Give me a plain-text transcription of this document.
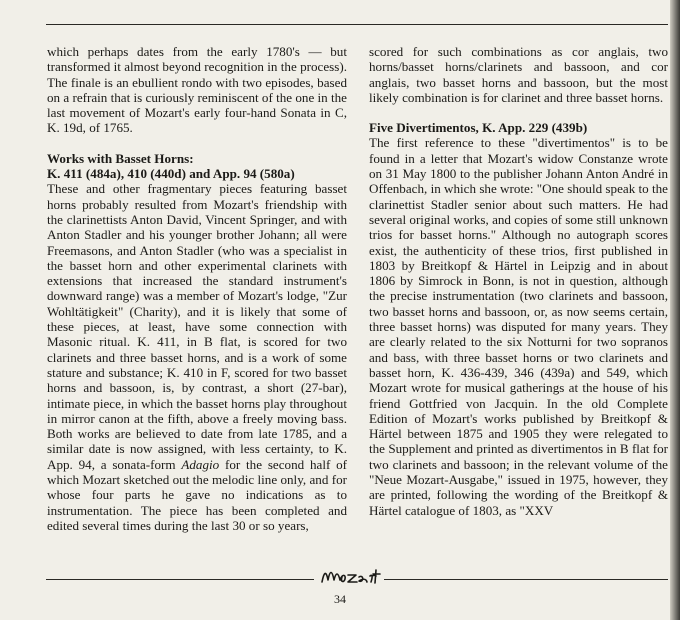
which perhaps dates from the early 1780's — but transformed it almost beyond recognition in the process). The finale is an ebullient rondo with two episodes, based on a refrain that is curiously reminiscent of the one in the last movement of Mozart's early four-hand Sonata in C, K. 19d, of 1765.

Works with Basset Horns:
K. 411 (484a), 410 (440d) and App. 94 (580a)

These and other fragmentary pieces featuring basset horns probably resulted from Mozart's friendship with the clarinettists Anton David, Vincent Springer, and with Anton Stadler and his younger brother Johann; all were Freemasons, and Anton Stadler (who was a specialist in the basset horn and other experimental clarinets with extensions that increased the standard instrument's downward range) was a member of Mozart's lodge, "Zur Wohltätigkeit" (Charity), and it is likely that some of these pieces, at least, have some connection with Masonic ritual. K. 411, in B flat, is scored for two clarinets and three basset horns, and is a work of some stature and substance; K. 410 in F, scored for two basset horns and bassoon, is, by contrast, a short (27-bar), intimate piece, in which the basset horns play throughout in mirror canon at the fifth, above a freely moving bass. Both works are believed to date from late 1785, and a similar date is now assigned, with less certainty, to K. App. 94, a sonata-form Adagio for the second half of which Mozart sketched out the melodic line only, and for whose four parts he gave no indications as to instrumentation. The piece has been completed and edited several times during the last 30 or so years,

scored for such combinations as cor anglais, two horns/basset horns/clarinets and bassoon, and cor anglais, two basset horns and bassoon, but the most likely combination is for clarinet and three basset horns.

Five Divertimentos, K. App. 229 (439b)

The first reference to these "divertimentos" is to be found in a letter that Mozart's widow Constanze wrote on 31 May 1800 to the publisher Johann Anton André in Offenbach, in which she wrote: "One should speak to the clarinettist Stadler senior about such matters. He had several original works, and copies of some still unknown trios for basset horns." Although no autograph scores exist, the authenticity of these trios, first published in 1803 by Breitkopf & Härtel in Leipzig and in about 1806 by Simrock in Bonn, is not in question, although the precise instrumentation (two clarinets and bassoon, two basset horns and bassoon, or, as now seems certain, three basset horns) was disputed for many years. They are clearly related to the six Notturni for two sopranos and bass, with three basset horns or two clarinets and basset horn, K. 436-439, 346 (439a) and 549, which Mozart wrote for musical gatherings at the house of his friend Gottfried von Jacquin. In the old Complete Edition of Mozart's works published by Breitkopf & Härtel between 1875 and 1905 they were relegated to the Supplement and printed as divertimentos in B flat for two clarinets and bassoon; in the relevant volume of the "Neue Mozart-Ausgabe," issued in 1975, however, they are printed, following the wording of the Breitkopf & Härtel catalogue of 1803, as "XXV

34
